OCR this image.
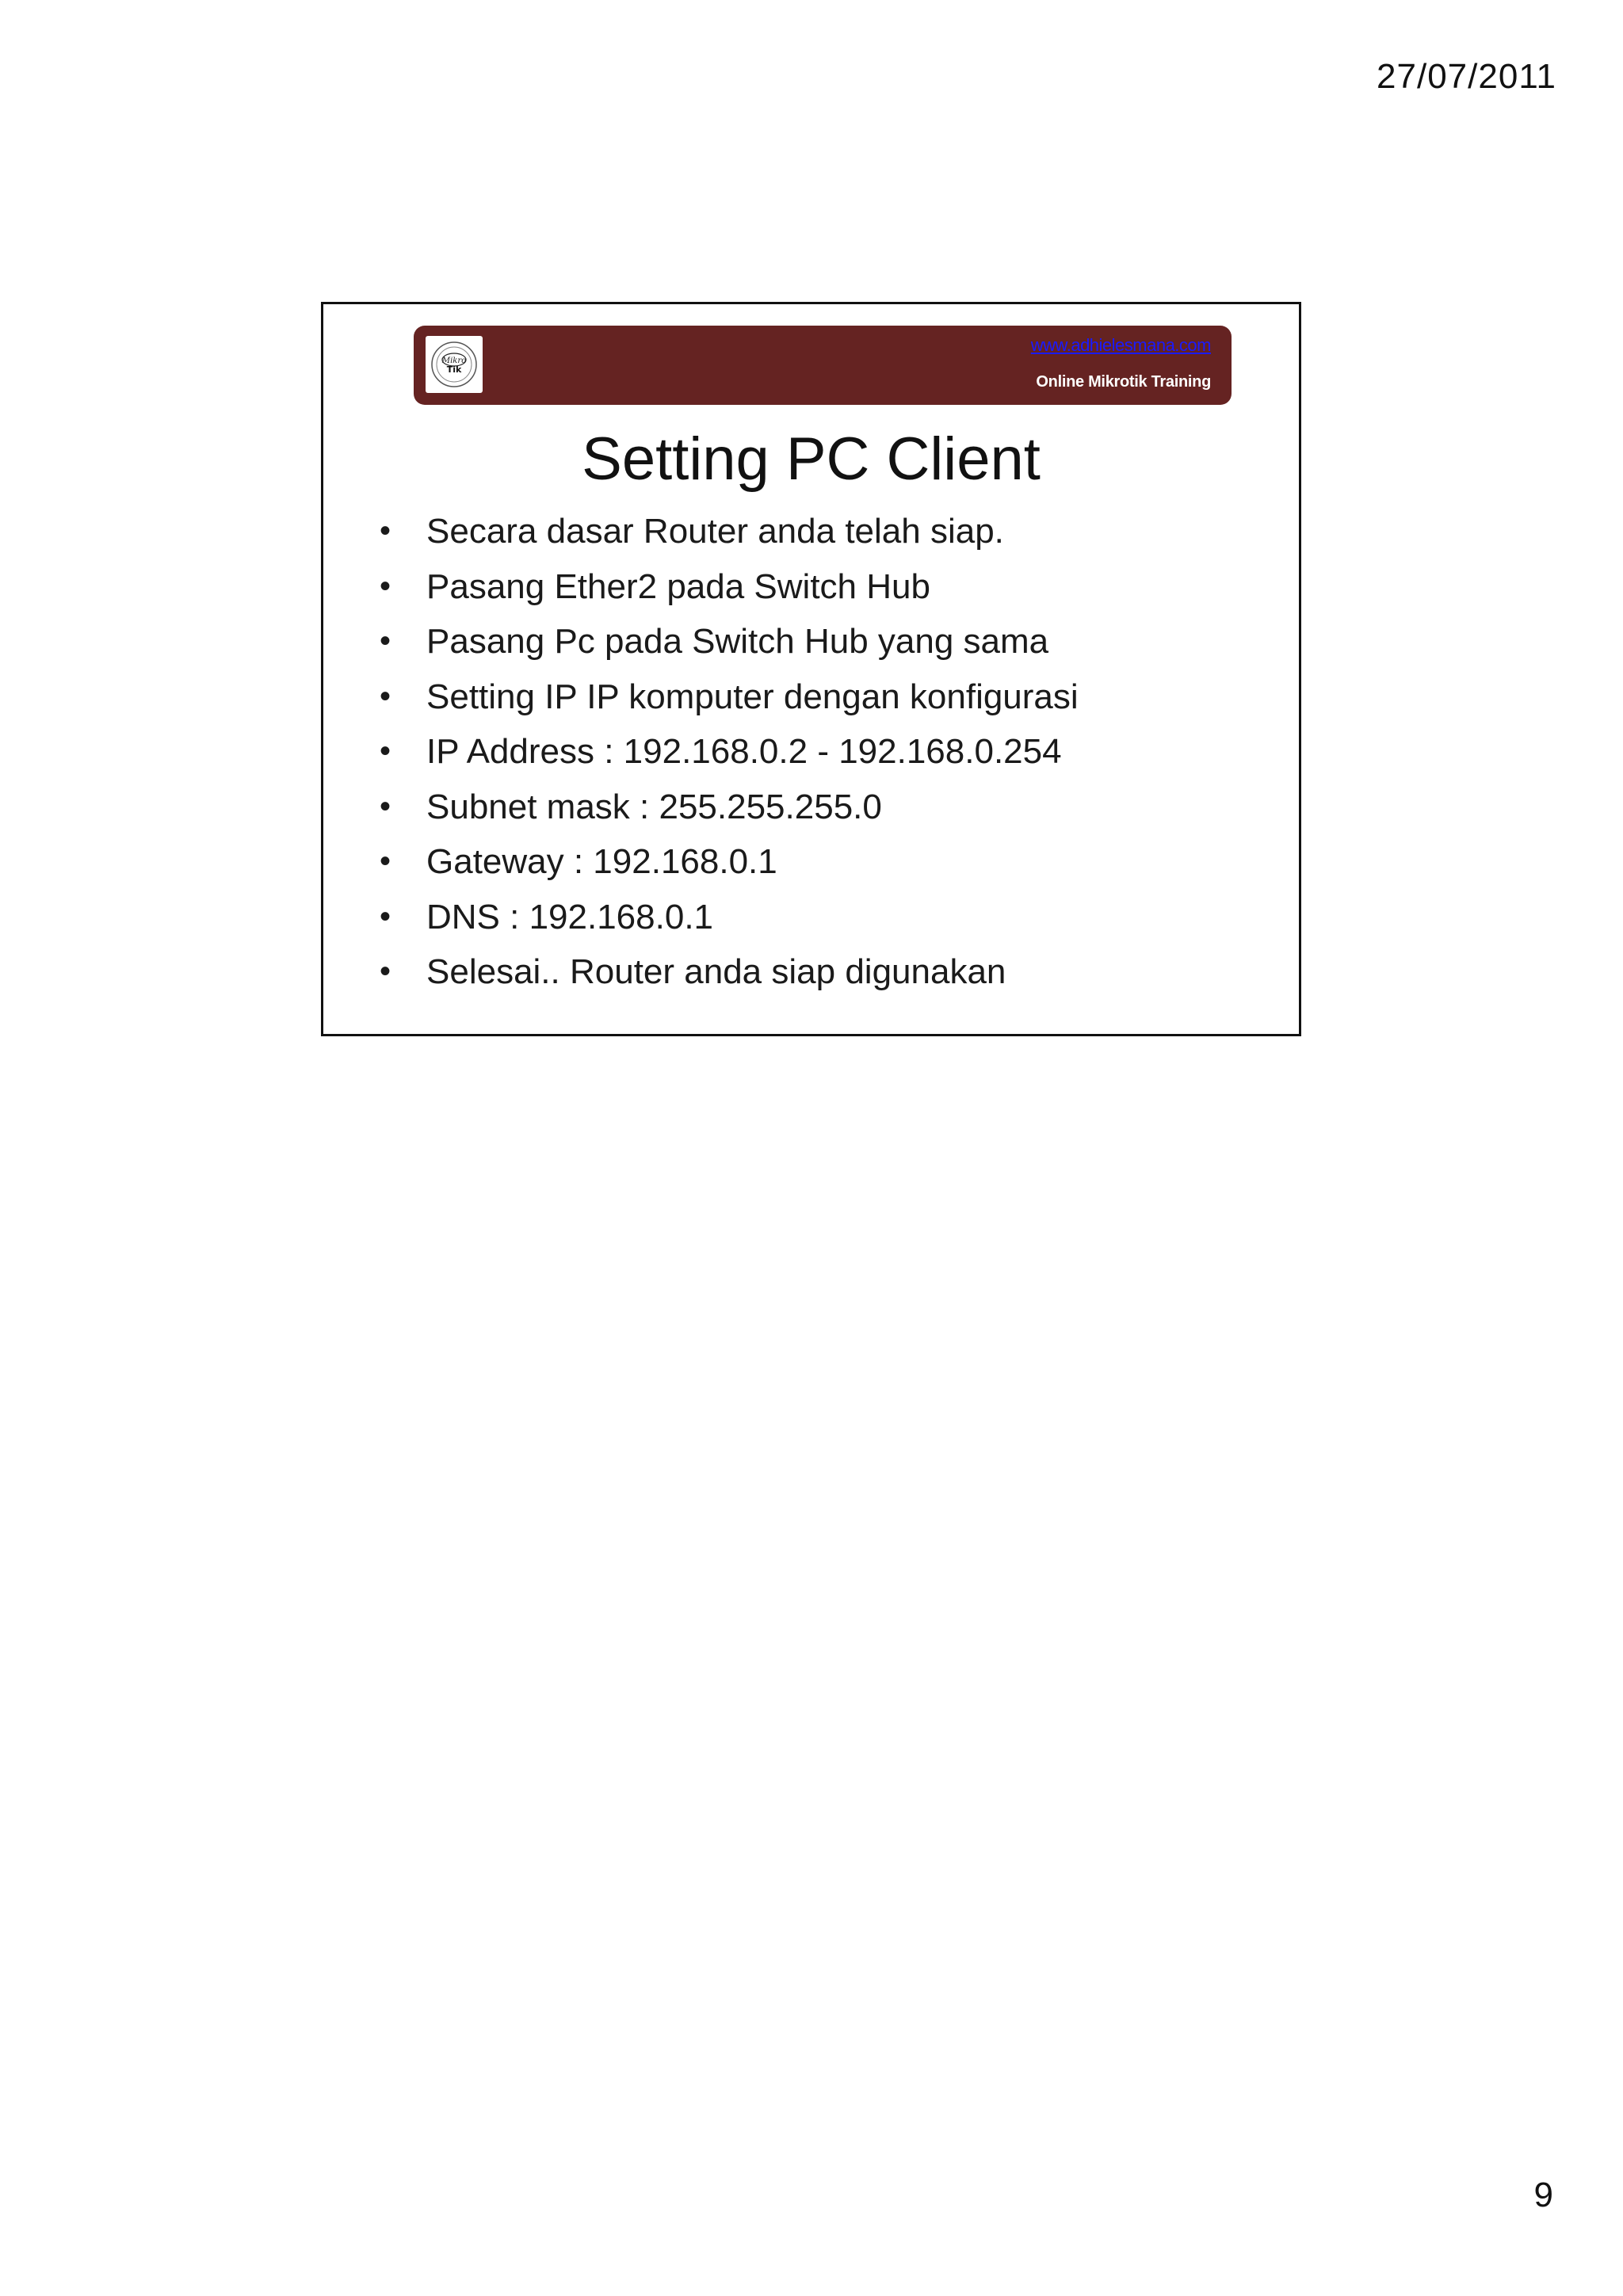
27/07/2011
Mikro
Tik
www.adhielesmana.com
Online Mikrotik Training
Setting PC Client
• Secara dasar Router anda telah siap.
• Pasang Ether2 pada Switch Hub
• Pasang Pc pada Switch Hub yang sama
• Setting IP IP komputer dengan konfigurasi
• IP Address : 192.168.0.2 - 192.168.0.254
• Subnet mask : 255.255.255.0
• Gateway : 192.168.0.1
• DNS : 192.168.0.1
• Selesai.. Router anda siap digunakan
9
